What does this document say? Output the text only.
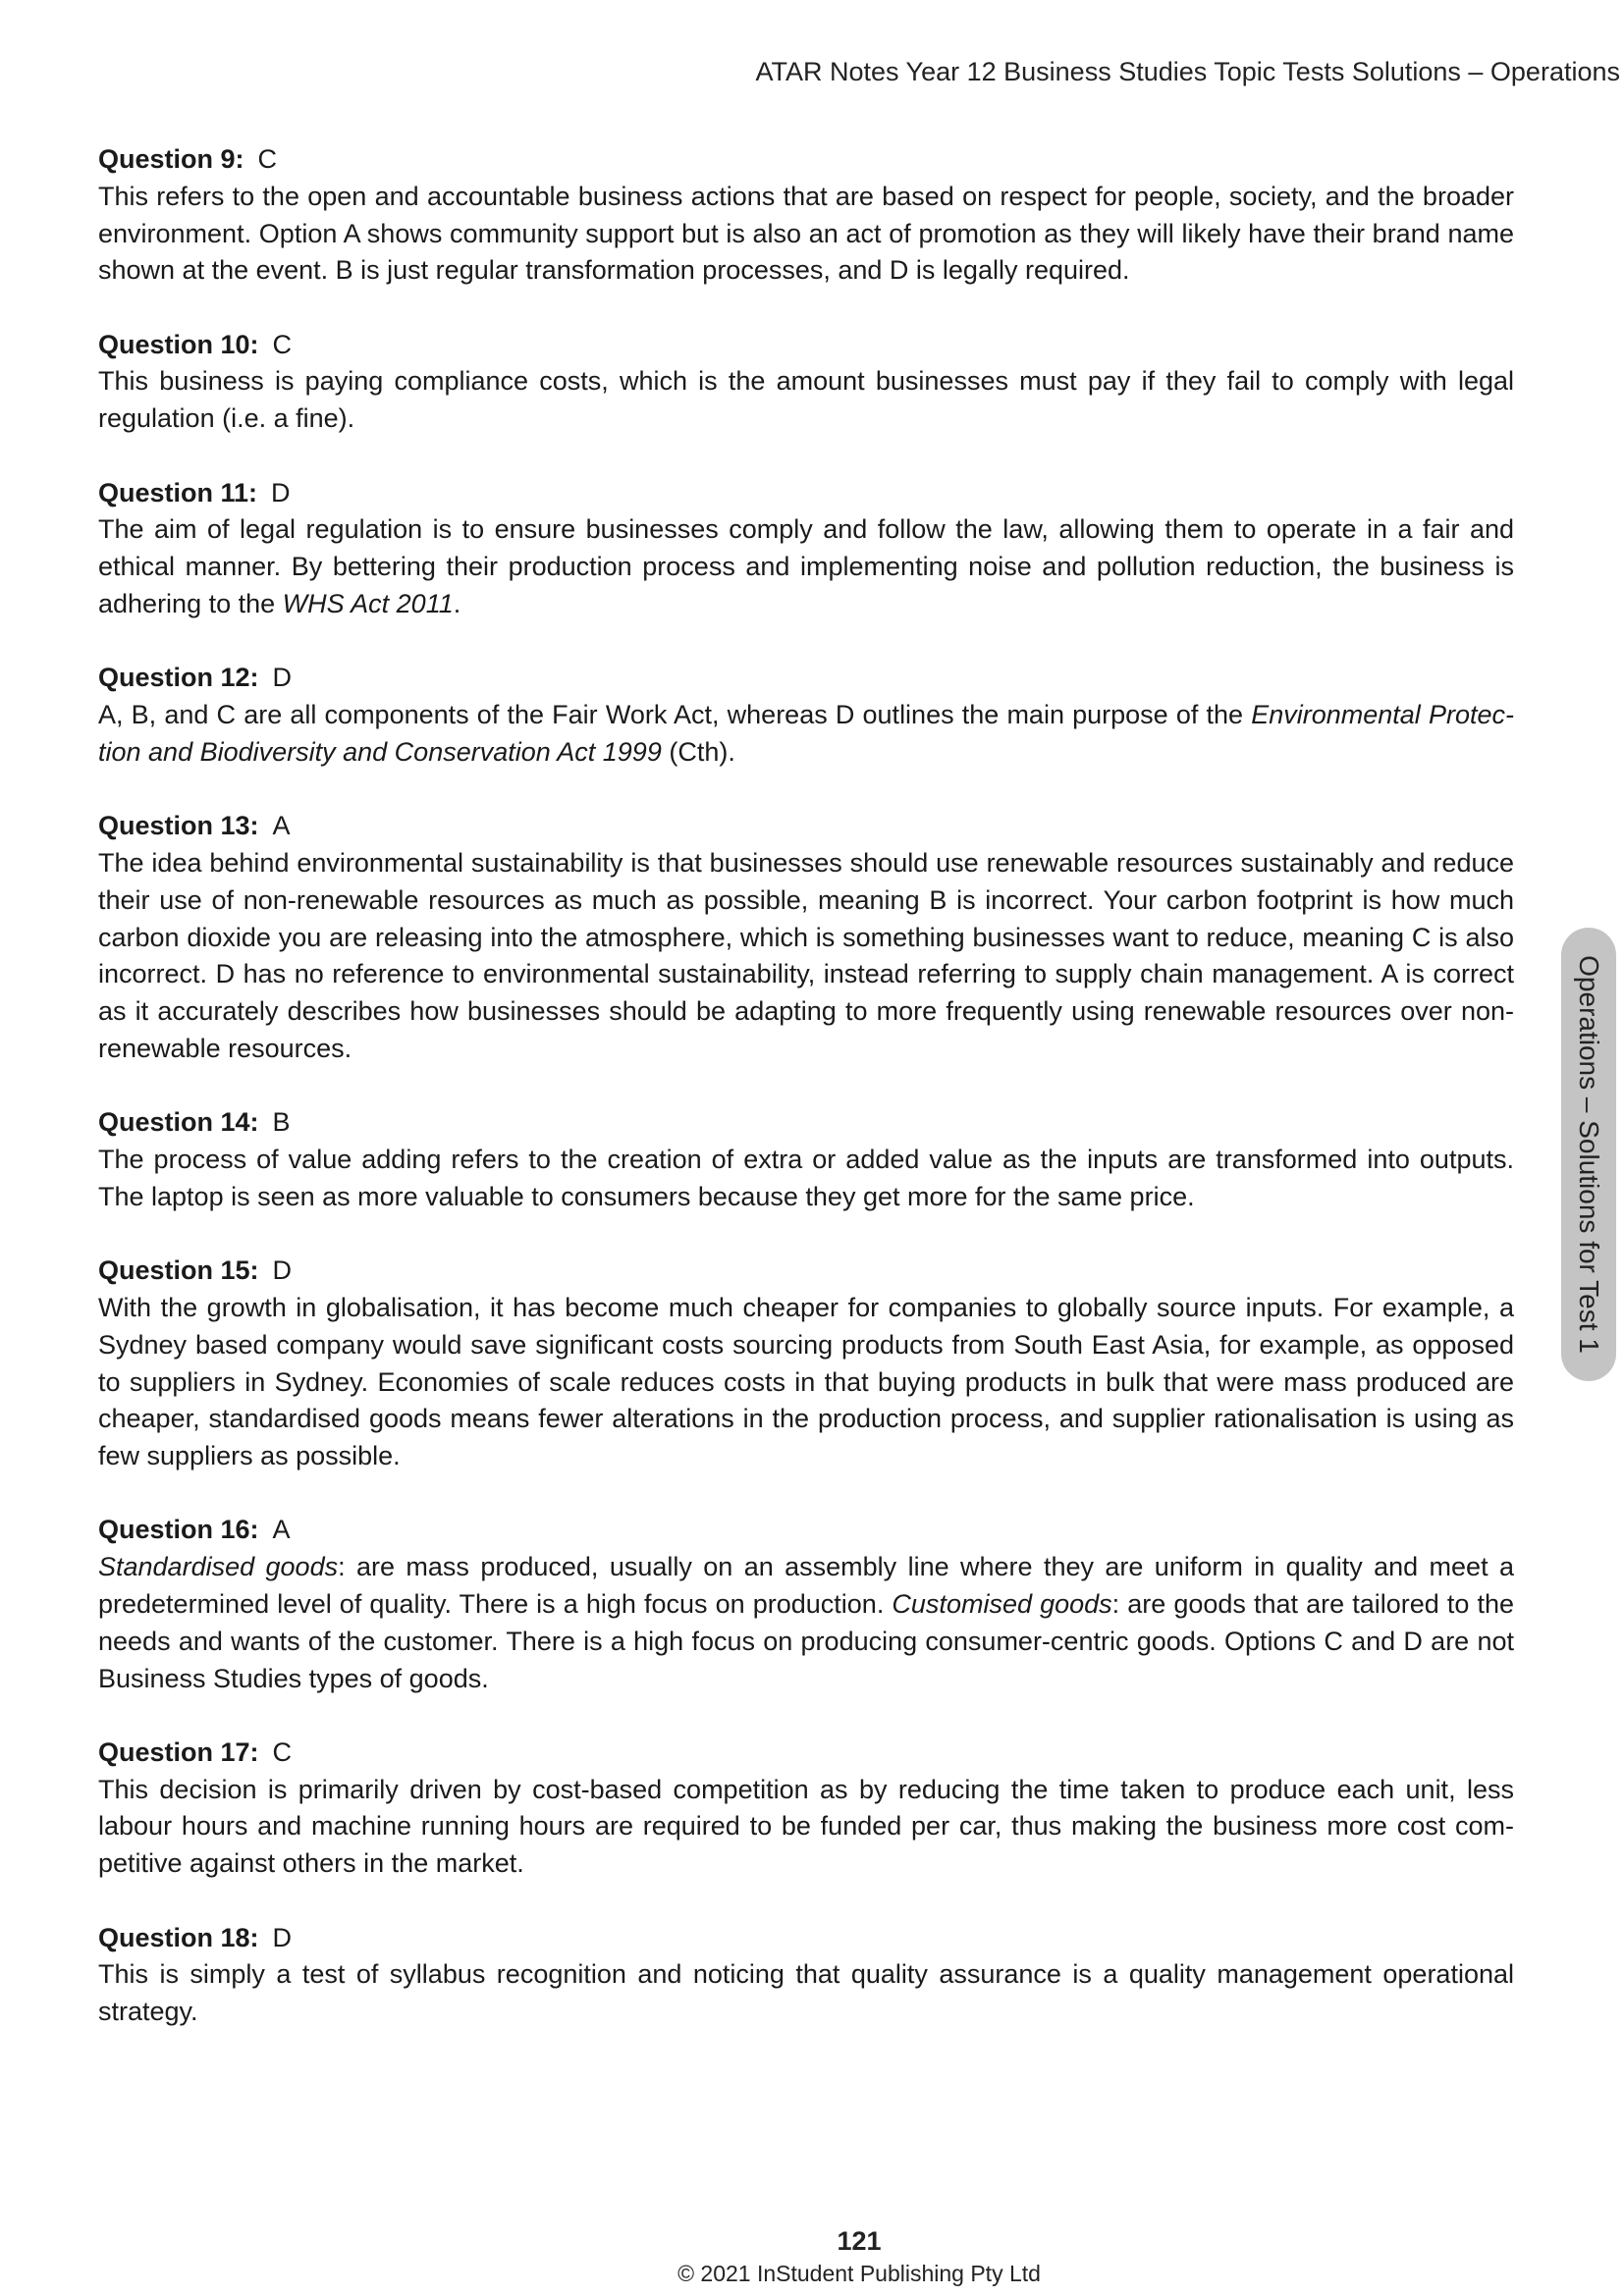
ATAR Notes Year 12 Business Studies Topic Tests Solutions – Operations

Question 9: C

This refers to the open and accountable business actions that are based on respect for people, society, and the broader environment. Option A shows community support but is also an act of promotion as they will likely have their brand name shown at the event. B is just regular transformation processes, and D is legally required.

Question 10: C

This business is paying compliance costs, which is the amount businesses must pay if they fail to comply with legal regulation (i.e. a fine).

Question 11: D

The aim of legal regulation is to ensure businesses comply and follow the law, allowing them to operate in a fair and ethical manner. By bettering their production process and implementing noise and pollution reduction, the business is adhering to the WHS Act 2011.

Question 12: D

A, B, and C are all components of the Fair Work Act, whereas D outlines the main purpose of the Environmental Protection and Biodiversity and Conservation Act 1999 (Cth).

Question 13: A

The idea behind environmental sustainability is that businesses should use renewable resources sustainably and reduce their use of non-renewable resources as much as possible, meaning B is incorrect. Your carbon footprint is how much carbon dioxide you are releasing into the atmosphere, which is something businesses want to reduce, meaning C is also incorrect. D has no reference to environmental sustainability, instead referring to supply chain management. A is correct as it accurately describes how businesses should be adapting to more frequently using renewable resources over non-renewable resources.

Question 14: B

The process of value adding refers to the creation of extra or added value as the inputs are transformed into outputs. The laptop is seen as more valuable to consumers because they get more for the same price.

Question 15: D

With the growth in globalisation, it has become much cheaper for companies to globally source inputs. For example, a Sydney based company would save significant costs sourcing products from South East Asia, for example, as opposed to suppliers in Sydney. Economies of scale reduces costs in that buying products in bulk that were mass produced are cheaper, standardised goods means fewer alterations in the production process, and supplier rationalisation is using as few suppliers as possible.

Question 16: A

Standardised goods: are mass produced, usually on an assembly line where they are uniform in quality and meet a predetermined level of quality. There is a high focus on production. Customised goods: are goods that are tailored to the needs and wants of the customer. There is a high focus on producing consumer-centric goods. Options C and D are not Business Studies types of goods.

Question 17: C

This decision is primarily driven by cost-based competition as by reducing the time taken to produce each unit, less labour hours and machine running hours are required to be funded per car, thus making the business more cost competitive against others in the market.

Question 18: D

This is simply a test of syllabus recognition and noticing that quality assurance is a quality management operational strategy.

Operations – Solutions for Test 1
121
© 2021 InStudent Publishing Pty Ltd
